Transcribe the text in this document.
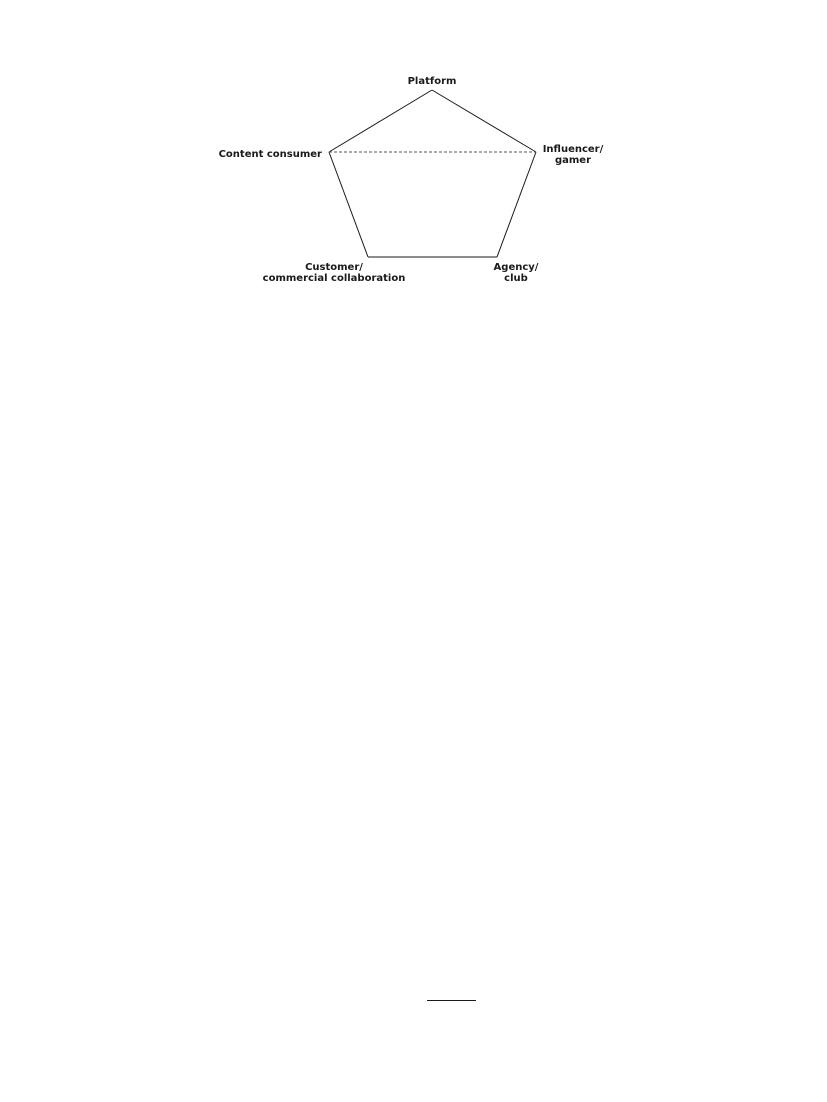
Platform
Influencer/ gamer
Agency/ club
Customer/ commercial collaboration
Content consumer
